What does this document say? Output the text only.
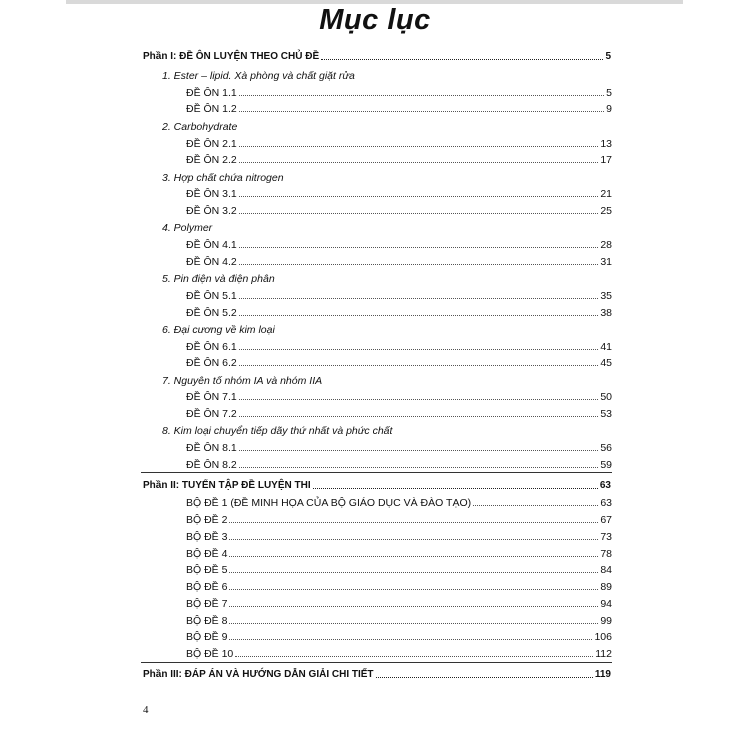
Mục lục
Phần I: ĐỀ ÔN LUYỆN THEO CHỦ ĐỀ	5
1. Ester – lipid. Xà phòng và chất giặt rửa
ĐỀ ÔN 1.1	5
ĐỀ ÔN 1.2	9
2. Carbohydrate
ĐỀ ÔN 2.1	13
ĐỀ ÔN 2.2	17
3. Hợp chất chứa nitrogen
ĐỀ ÔN 3.1	21
ĐỀ ÔN 3.2	25
4. Polymer
ĐỀ ÔN 4.1	28
ĐỀ ÔN 4.2	31
5. Pin điện và điện phân
ĐỀ ÔN 5.1	35
ĐỀ ÔN 5.2	38
6. Đại cương về kim loại
ĐỀ ÔN 6.1	41
ĐỀ ÔN 6.2	45
7. Nguyên tố nhóm IA và nhóm IIA
ĐỀ ÔN 7.1	50
ĐỀ ÔN 7.2	53
8. Kim loại chuyển tiếp dãy thứ nhất và phức chất
ĐỀ ÔN 8.1	56
ĐỀ ÔN 8.2	59
Phần II: TUYỂN TẬP ĐỀ LUYỆN THI	63
BỘ ĐỀ 1 (ĐỀ MINH HỌA CỦA BỘ GIÁO DỤC VÀ ĐÀO TẠO)	63
BỘ ĐỀ 2	67
BỘ ĐỀ 3	73
BỘ ĐỀ 4	78
BỘ ĐỀ 5	84
BỘ ĐỀ 6	89
BỘ ĐỀ 7	94
BỘ ĐỀ 8	99
BỘ ĐỀ 9	106
BỘ ĐỀ 10	112
Phần III: ĐÁP ÁN VÀ HƯỚNG DẪN GIẢI CHI TIẾT	119
4
